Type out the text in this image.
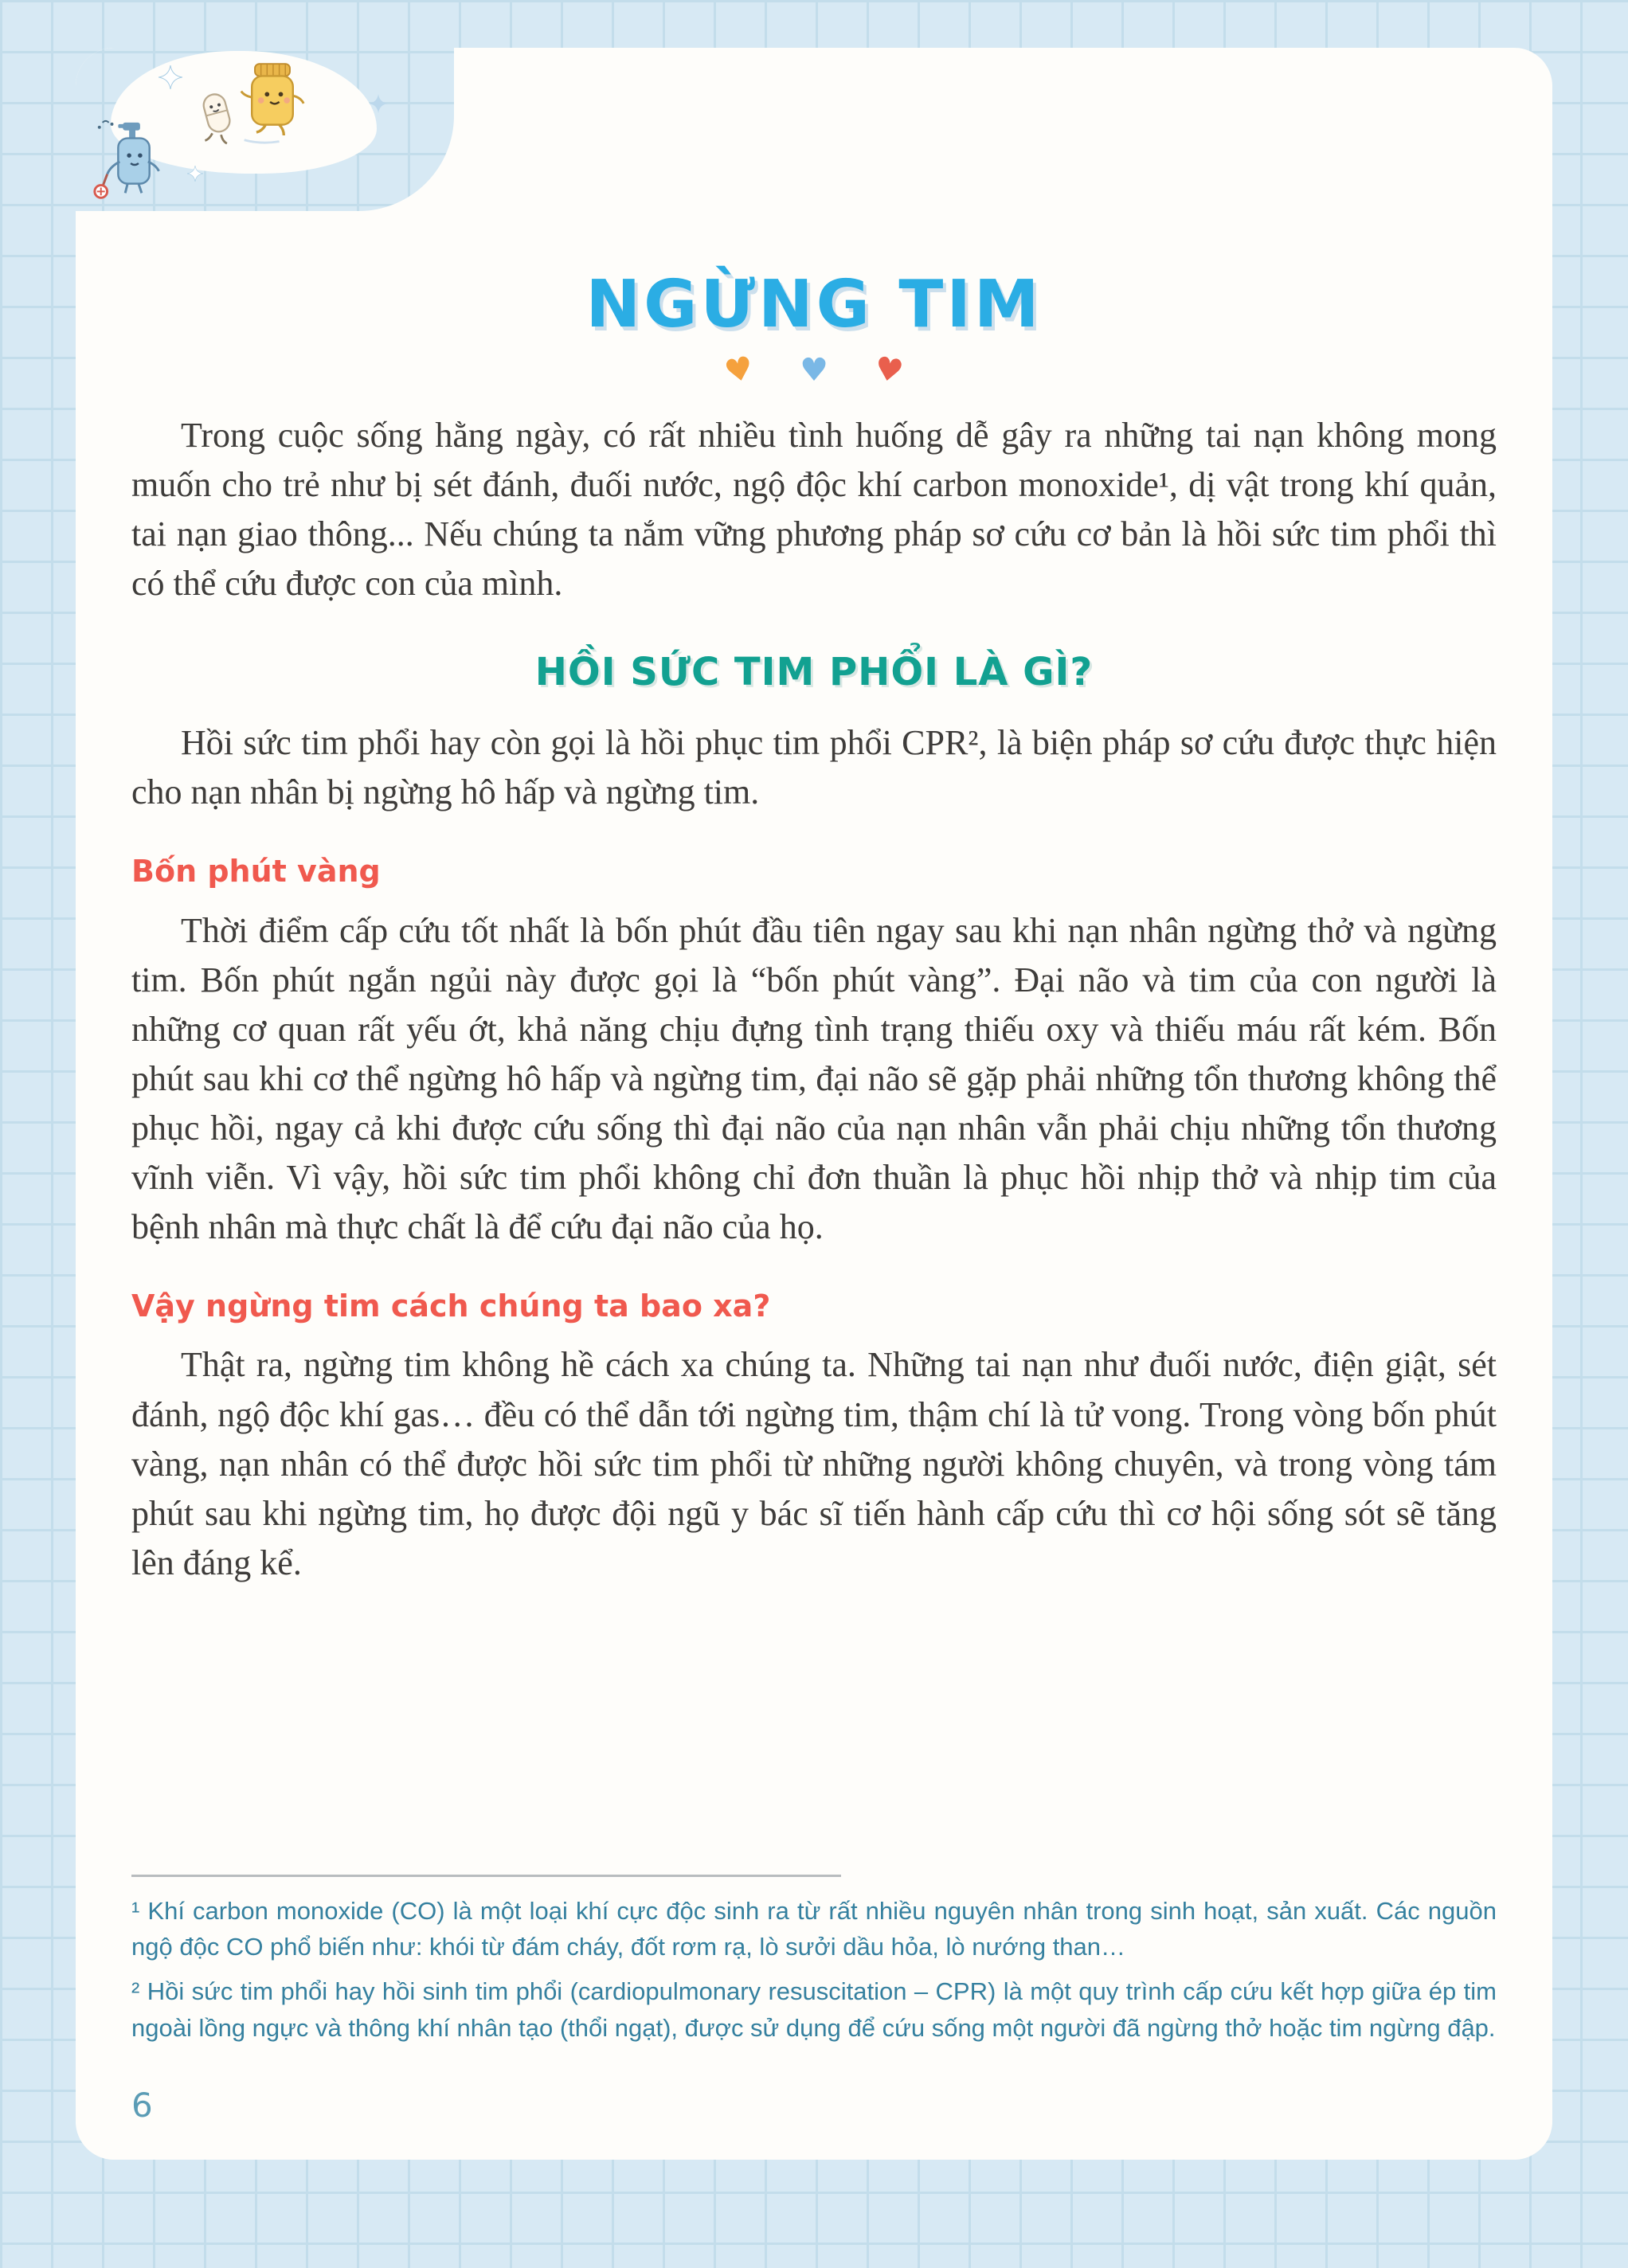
NGỪNG TIM
♥ ♥ ♥

Trong cuộc sống hằng ngày, có rất nhiều tình huống dễ gây ra những tai nạn không mong muốn cho trẻ như bị sét đánh, đuối nước, ngộ độc khí carbon monoxide¹, dị vật trong khí quản, tai nạn giao thông... Nếu chúng ta nắm vững phương pháp sơ cứu cơ bản là hồi sức tim phổi thì có thể cứu được con của mình.

HỒI SỨC TIM PHỔI LÀ GÌ?

Hồi sức tim phổi hay còn gọi là hồi phục tim phổi CPR², là biện pháp sơ cứu được thực hiện cho nạn nhân bị ngừng hô hấp và ngừng tim.

Bốn phút vàng

Thời điểm cấp cứu tốt nhất là bốn phút đầu tiên ngay sau khi nạn nhân ngừng thở và ngừng tim. Bốn phút ngắn ngủi này được gọi là “bốn phút vàng”. Đại não và tim của con người là những cơ quan rất yếu ớt, khả năng chịu đựng tình trạng thiếu oxy và thiếu máu rất kém. Bốn phút sau khi cơ thể ngừng hô hấp và ngừng tim, đại não sẽ gặp phải những tổn thương không thể phục hồi, ngay cả khi được cứu sống thì đại não của nạn nhân vẫn phải chịu những tổn thương vĩnh viễn. Vì vậy, hồi sức tim phổi không chỉ đơn thuần là phục hồi nhịp thở và nhịp tim của bệnh nhân mà thực chất là để cứu đại não của họ.

Vậy ngừng tim cách chúng ta bao xa?

Thật ra, ngừng tim không hề cách xa chúng ta. Những tai nạn như đuối nước, điện giật, sét đánh, ngộ độc khí gas… đều có thể dẫn tới ngừng tim, thậm chí là tử vong. Trong vòng bốn phút vàng, nạn nhân có thể được hồi sức tim phổi từ những người không chuyên, và trong vòng tám phút sau khi ngừng tim, họ được đội ngũ y bác sĩ tiến hành cấp cứu thì cơ hội sống sót sẽ tăng lên đáng kể.

¹ Khí carbon monoxide (CO) là một loại khí cực độc sinh ra từ rất nhiều nguyên nhân trong sinh hoạt, sản xuất. Các nguồn ngộ độc CO phổ biến như: khói từ đám cháy, đốt rơm rạ, lò sưởi dầu hỏa, lò nướng than…

² Hồi sức tim phổi hay hồi sinh tim phổi (cardiopulmonary resuscitation – CPR) là một quy trình cấp cứu kết hợp giữa ép tim ngoài lồng ngực và thông khí nhân tạo (thổi ngạt), được sử dụng để cứu sống một người đã ngừng thở hoặc tim ngừng đập.

6
